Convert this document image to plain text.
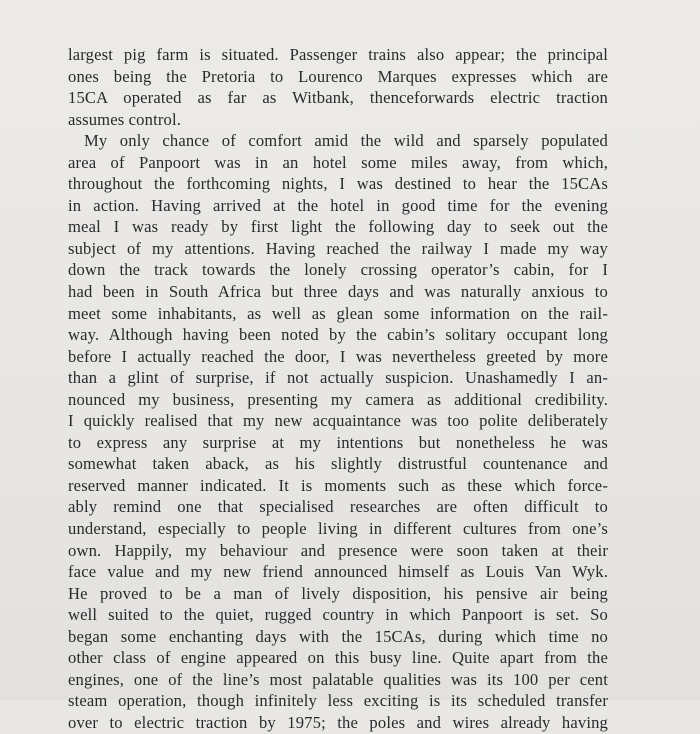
largest pig farm is situated. Passenger trains also appear; the principal
ones being the Pretoria to Lourenco Marques expresses which are
15CA operated as far as Witbank, thenceforwards electric traction
assumes control.
My only chance of comfort amid the wild and sparsely populated
area of Panpoort was in an hotel some miles away, from which,
throughout the forthcoming nights, I was destined to hear the 15CAs
in action. Having arrived at the hotel in good time for the evening
meal I was ready by first light the following day to seek out the
subject of my attentions. Having reached the railway I made my way
down the track towards the lonely crossing operator’s cabin, for I
had been in South Africa but three days and was naturally anxious to
meet some inhabitants, as well as glean some information on the rail-
way. Although having been noted by the cabin’s solitary occupant long
before I actually reached the door, I was nevertheless greeted by more
than a glint of surprise, if not actually suspicion. Unashamedly I an-
nounced my business, presenting my camera as additional credibility.
I quickly realised that my new acquaintance was too polite deliberately
to express any surprise at my intentions but nonetheless he was
somewhat taken aback, as his slightly distrustful countenance and
reserved manner indicated. It is moments such as these which force-
ably remind one that specialised researches are often difficult to
understand, especially to people living in different cultures from one’s
own. Happily, my behaviour and presence were soon taken at their
face value and my new friend announced himself as Louis Van Wyk.
He proved to be a man of lively disposition, his pensive air being
well suited to the quiet, rugged country in which Panpoort is set. So
began some enchanting days with the 15CAs, during which time no
other class of engine appeared on this busy line. Quite apart from the
engines, one of the line’s most palatable qualities was its 100 per cent
steam operation, though infinitely less exciting is its scheduled transfer
over to electric traction by 1975; the poles and wires already having
